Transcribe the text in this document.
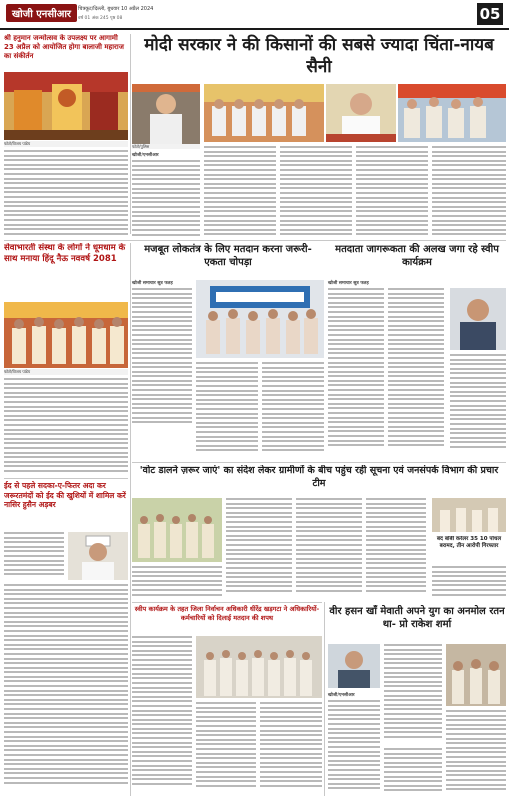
खोजी एनसीआर	चित्रकूट/दिल्ली, बुधवार 10 अप्रैल 2024
वर्ष 01 अंक 245 पृष्ठ 08	05
श्री हनुमान जन्मोत्सव के उपलक्ष्य पर आगामी 23 अप्रैल को आयोजित होगा बालाजी महाराज का संकीर्तन
फोटो/विजय पांडेय
मोदी सरकार ने की किसानों की सबसे ज्यादा चिंता-नायब सैनी
फोटो/पुलिस
खोजी/एनसीआर
सेवाभारती संस्था के लोगों ने धूमधाम के साथ मनाया हिंदू नैऊ नववर्ष 2081
फोटो/विजय पांडेय
मजबूत लोकतंत्र के लिए मतदान करना जरूरी- एकता चोपड़ा
खोजी समाचार सूत्र फतह
मतदाता जागरूकता की अलख जगा रहे स्वीप कार्यक्रम
खोजी समाचार सूत्र फतह
ईद से पहले सदका-ए-फितर अदा कर जरूरतमंदों को ईद की खुशियों में शामिल करें नासिर हुसैन अड़बर
'वोट डालने ज़रूर जाएं' का संदेश लेकर ग्रामीणों के बीच पहुंच रही सूचना एवं जनसंपर्क विभाग की प्रचार टीम
बंद बाँबी कर्रलर 35 10 पोधल बरामद, तीन आरोपी गिरफ्तार
स्वीप कार्यक्रम के तहत जिला निर्वाचन अधिकारी धीरेंद्र खड़गटा ने अधिकारियों-कर्मचारियों को दिलाई मतदान की शपथ
वीर हसन खाँ मेवाती अपने युग का अनमोल रतन था- प्रो राकेश शर्मा
खोजी/एनसीआर
